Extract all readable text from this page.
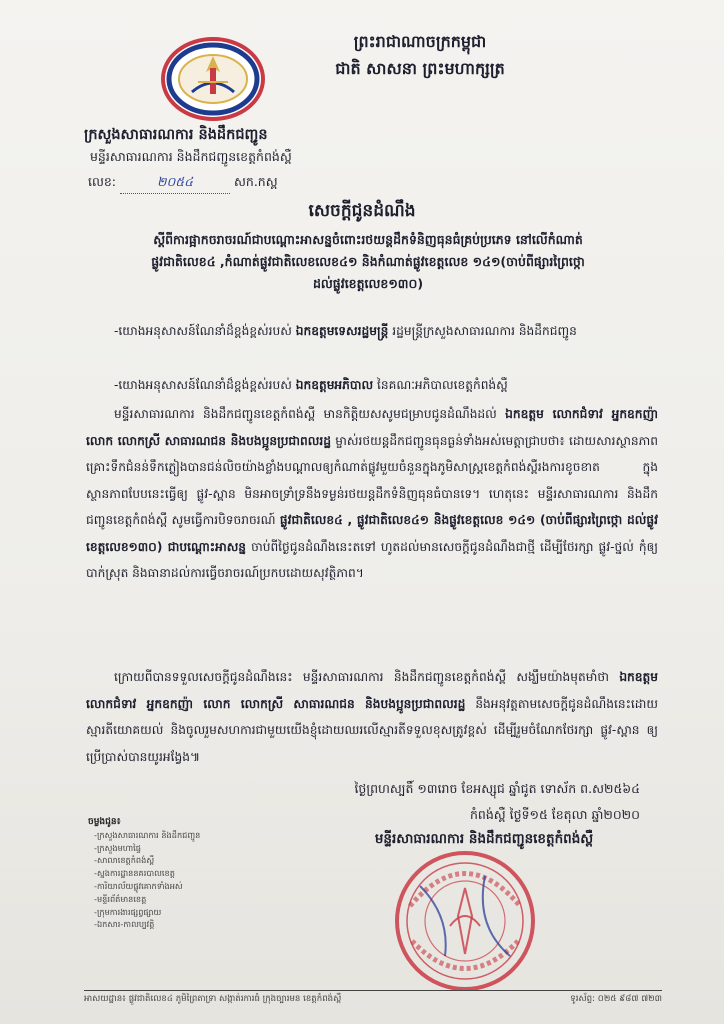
ព្រះរាជាណាចក្រកម្ពុជា
ជាតិ សាសនា ព្រះមហាក្សត្រ
ក្រសួងសាធារណការ និងដឹកជញ្ជូន
មន្ទីរសាធារណការ និងដឹកជញ្ជូនខេត្តកំពង់ស្ពឺ
លេខ:	២០៥៤	សក.កស្ព
សេចក្តីជូនដំណឹង
ស្តីពីការផ្អាកចរាចរណ៍ជាបណ្តោះអាសន្នចំពោះរថយន្តដឹកទំនិញធុនធំគ្រប់ប្រភេទ នៅលើកំណាត់ផ្លូវជាតិលេខ៤ ,កំណាត់ផ្លូវជាតិលេខលេខ៤១ និងកំណាត់ផ្លូវខេត្តលេខ ១៤១(ចាប់ពីផ្សារព្រៃថ្កោ ដល់ផ្លូវខេត្តលេខ១៣០)
-យោងអនុសាសន៍ណែនាំដ៏ខ្ពង់ខ្ពស់របស់ ឯកឧត្តមទេសរដ្ឋមន្រ្តី រដ្ឋមន្រ្តីក្រសួងសាធារណការ និងដឹកជញ្ជូន
-យោងអនុសាសន៍ណែនាំដ៏ខ្ពង់ខ្ពស់របស់ ឯកឧត្តមអភិបាល នៃគណៈអភិបាលខេត្តកំពង់ស្ពឺ
មន្ទីរសាធារណការ និងដឹកជញ្ជូនខេត្តកំពង់ស្ពឺ មានកិត្តិយសសូមជម្រាបជូនដំណឹងដល់ ឯកឧត្តម លោកជំទាវ អ្នកឧកញ៉ា លោក លោកស្រី សាធារណជន និងបងប្អូនប្រជាពលរដ្ឋ ម្ចាស់រថយន្តដឹកជញ្ជូនធុនធ្ងន់ទាំងអស់មេត្តាជ្រាបថា៖ ដោយសារស្ថានភាពគ្រោះទឹកជំនន់ទឹកភ្លៀងបានជន់លិចយ៉ាងខ្លាំងបណ្តាលឲ្យកំណាត់ផ្លូវមួយចំនួនក្នុងភូមិសាស្ត្រខេត្តកំពង់ស្ពឺរងការខូចខាត ក្នុងស្ថានភាពបែបនេះធ្វើឲ្យ ផ្លូវ-ស្ពាន មិនអាចទ្រាំទ្រនឹងទម្ងន់រថយន្តដឹកទំនិញធុនធំបានទេ។ ហេតុនេះ មន្ទីរសាធារណការ និងដឹកជញ្ជូនខេត្តកំពង់ស្ពឺ សូមធ្វើការបិទចរាចរណ៍ ផ្លូវជាតិលេខ៤ , ផ្លូវជាតិលេខ៤១ និងផ្លូវខេត្តលេខ ១៤១ (ចាប់ពីផ្សារព្រៃថ្កោ ដល់ផ្លូវខេត្តលេខ១៣០) ជាបណ្តោះអាសន្ន ចាប់ពីថ្ងៃជូនដំណឹងនេះតទៅ ហូតដល់មានសេចក្តីជូនដំណឹងជាថ្មី ដើម្បីថែរក្សា ផ្លូវ-ថ្នល់ កុំឲ្យបាក់ស្រុត និងធានាដល់ការធ្វើចរាចរណ៍ប្រកបដោយសុវត្ថិភាព។
ក្រោយពីបានទទួលសេចក្តីជូនដំណឹងនេះ មន្ទីរសាធារណការ និងដឹកជញ្ជូនខេត្តកំពង់ស្ពឺ សង្ឃឹមយ៉ាងមុតមាំថា ឯកឧត្តម លោកជំទាវ អ្នកឧកញ៉ា លោក លោកស្រី សាធារណជន និងបងប្អូនប្រជាពលរដ្ឋ នឹងអនុវត្តតាមសេចក្តីជូនដំណឹងនេះដោយស្មារតីយោគយល់ និងចូលរួមសហការជាមួយយើងខ្ញុំដោយឈរលើស្មារតីទទួលខុសត្រូវខ្ពស់ ដើម្បីរួមចំណែកថែរក្សា ផ្លូវ-ស្ពាន ឲ្យប្រើប្រាស់បានយូរអង្វែង៕
ថ្ងៃព្រហស្បតិ៍ ១៣រោច ខែអស្សុជ ឆ្នាំជូត ទោស័ក ព.ស២៥៦៤
កំពង់ស្ពឺ ថ្ងៃទី១៥ ខែតុលា ឆ្នាំ២០២០
មន្ទីរសាធារណការ និងដឹកជញ្ជូនខេត្តកំពង់ស្ពឺ
ចម្លងជូន៖
-ក្រសួងសាធារណការ និងដឹកជញ្ជូន
-ក្រសួងមហាផ្ទៃ
-សាលាខេត្តកំពង់ស្ពឺ
-ស្នងការដ្ឋាននគរបាលខេត្ត
-ការិយាល័យផ្លូវគោកទាំងអស់
-មន្ទីរព័ត៌មានខេត្ត
-ក្រុមការងារផ្សព្វផ្សាយ
-ឯកសារ-កាលប្បវត្តិ
អាសយដ្ឋាន៖ ផ្លូវជាតិលេខ៤ ភូមិព្រៃតាទ្រា សង្កាត់រការធំ ក្រុងច្បារមន ខេត្តកំពង់ស្ពឺ	ទូរស័ព្ទ: ០២៥ ៩៨៧ ៧២៣
